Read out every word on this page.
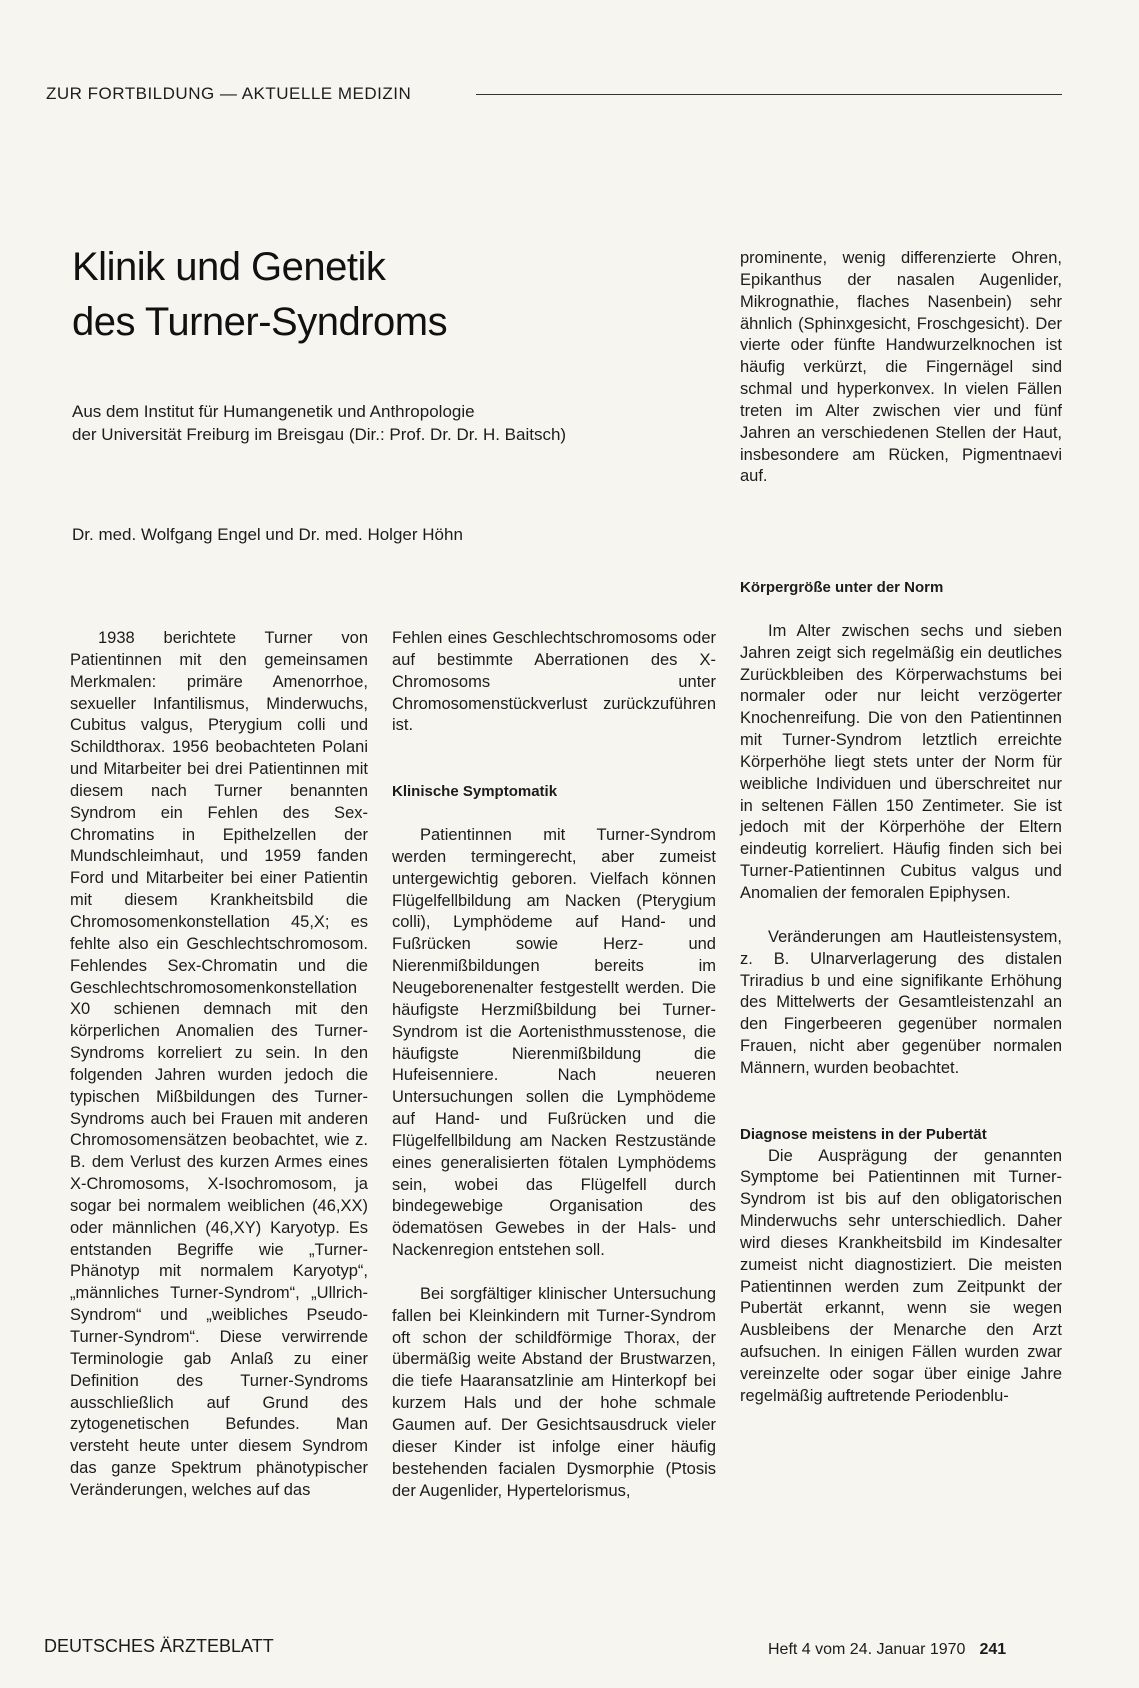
ZUR FORTBILDUNG — AKTUELLE MEDIZIN
Klinik und Genetik
des Turner-Syndroms
Aus dem Institut für Humangenetik und Anthropologie
der Universität Freiburg im Breisgau (Dir.: Prof. Dr. Dr. H. Baitsch)
Dr. med. Wolfgang Engel und Dr. med. Holger Höhn

1938 berichtete Turner von Patientinnen mit den gemeinsamen Merkmalen: primäre Amenorrhoe, sexueller Infantilismus, Minderwuchs, Cubitus valgus, Pterygium colli und Schildthorax. 1956 beobachteten Polani und Mitarbeiter bei drei Patientinnen mit diesem nach Turner benannten Syndrom ein Fehlen des Sex-Chromatins in Epithelzellen der Mundschleimhaut, und 1959 fanden Ford und Mitarbeiter bei einer Patientin mit diesem Krankheitsbild die Chromosomenkonstellation 45,X; es fehlte also ein Geschlechtschromosom. Fehlendes Sex-Chromatin und die Geschlechtschromosomenkonstellation X0 schienen demnach mit den körperlichen Anomalien des Turner-Syndroms korreliert zu sein. In den folgenden Jahren wurden jedoch die typischen Mißbildungen des Turner-Syndroms auch bei Frauen mit anderen Chromosomensätzen beobachtet, wie z. B. dem Verlust des kurzen Armes eines X-Chromosoms, X-Isochromosom, ja sogar bei normalem weiblichen (46,XX) oder männlichen (46,XY) Karyotyp. Es entstanden Begriffe wie „Turner-Phänotyp mit normalem Karyotyp“, „männliches Turner-Syndrom“, „Ullrich-Syndrom“ und „weibliches Pseudo-Turner-Syndrom“. Diese verwirrende Terminologie gab Anlaß zu einer Definition des Turner-Syndroms ausschließlich auf Grund des zytogenetischen Befundes. Man versteht heute unter diesem Syndrom das ganze Spektrum phänotypischer Veränderungen, welches auf das

Fehlen eines Geschlechtschromosoms oder auf bestimmte Aberrationen des X-Chromosoms unter Chromosomenstückverlust zurückzuführen ist.

Klinische Symptomatik

Patientinnen mit Turner-Syndrom werden termingerecht, aber zumeist untergewichtig geboren. Vielfach können Flügelfellbildung am Nacken (Pterygium colli), Lymphödeme auf Hand- und Fußrücken sowie Herz- und Nierenmißbildungen bereits im Neugeborenenalter festgestellt werden. Die häufigste Herzmißbildung bei Turner-Syndrom ist die Aortenisthmusstenose, die häufigste Nierenmißbildung die Hufeisenniere. Nach neueren Untersuchungen sollen die Lymphödeme auf Hand- und Fußrücken und die Flügelfellbildung am Nacken Restzustände eines generalisierten fötalen Lymphödems sein, wobei das Flügelfell durch bindegewebige Organisation des ödematösen Gewebes in der Hals- und Nackenregion entstehen soll.

Bei sorgfältiger klinischer Untersuchung fallen bei Kleinkindern mit Turner-Syndrom oft schon der schildförmige Thorax, der übermäßig weite Abstand der Brustwarzen, die tiefe Haaransatzlinie am Hinterkopf bei kurzem Hals und der hohe schmale Gaumen auf. Der Gesichtsausdruck vieler dieser Kinder ist infolge einer häufig bestehenden facialen Dysmorphie (Ptosis der Augenlider, Hypertelorismus,

prominente, wenig differenzierte Ohren, Epikanthus der nasalen Augenlider, Mikrognathie, flaches Nasenbein) sehr ähnlich (Sphinxgesicht, Froschgesicht). Der vierte oder fünfte Handwurzelknochen ist häufig verkürzt, die Fingernägel sind schmal und hyperkonvex. In vielen Fällen treten im Alter zwischen vier und fünf Jahren an verschiedenen Stellen der Haut, insbesondere am Rücken, Pigmentnaevi auf.

Körpergröße unter der Norm

Im Alter zwischen sechs und sieben Jahren zeigt sich regelmäßig ein deutliches Zurückbleiben des Körperwachstums bei normaler oder nur leicht verzögerter Knochenreifung. Die von den Patientinnen mit Turner-Syndrom letztlich erreichte Körperhöhe liegt stets unter der Norm für weibliche Individuen und überschreitet nur in seltenen Fällen 150 Zentimeter. Sie ist jedoch mit der Körperhöhe der Eltern eindeutig korreliert. Häufig finden sich bei Turner-Patientinnen Cubitus valgus und Anomalien der femoralen Epiphysen.

Veränderungen am Hautleistensystem, z. B. Ulnarverlagerung des distalen Triradius b und eine signifikante Erhöhung des Mittelwerts der Gesamtleistenzahl an den Fingerbeeren gegenüber normalen Frauen, nicht aber gegenüber normalen Männern, wurden beobachtet.

Diagnose meistens in der Pubertät

Die Ausprägung der genannten Symptome bei Patientinnen mit Turner-Syndrom ist bis auf den obligatorischen Minderwuchs sehr unterschiedlich. Daher wird dieses Krankheitsbild im Kindesalter zumeist nicht diagnostiziert. Die meisten Patientinnen werden zum Zeitpunkt der Pubertät erkannt, wenn sie wegen Ausbleibens der Menarche den Arzt aufsuchen. In einigen Fällen wurden zwar vereinzelte oder sogar über einige Jahre regelmäßig auftretende Periodenblu-

DEUTSCHES ÄRZTEBLATT	Heft 4 vom 24. Januar 1970 241
